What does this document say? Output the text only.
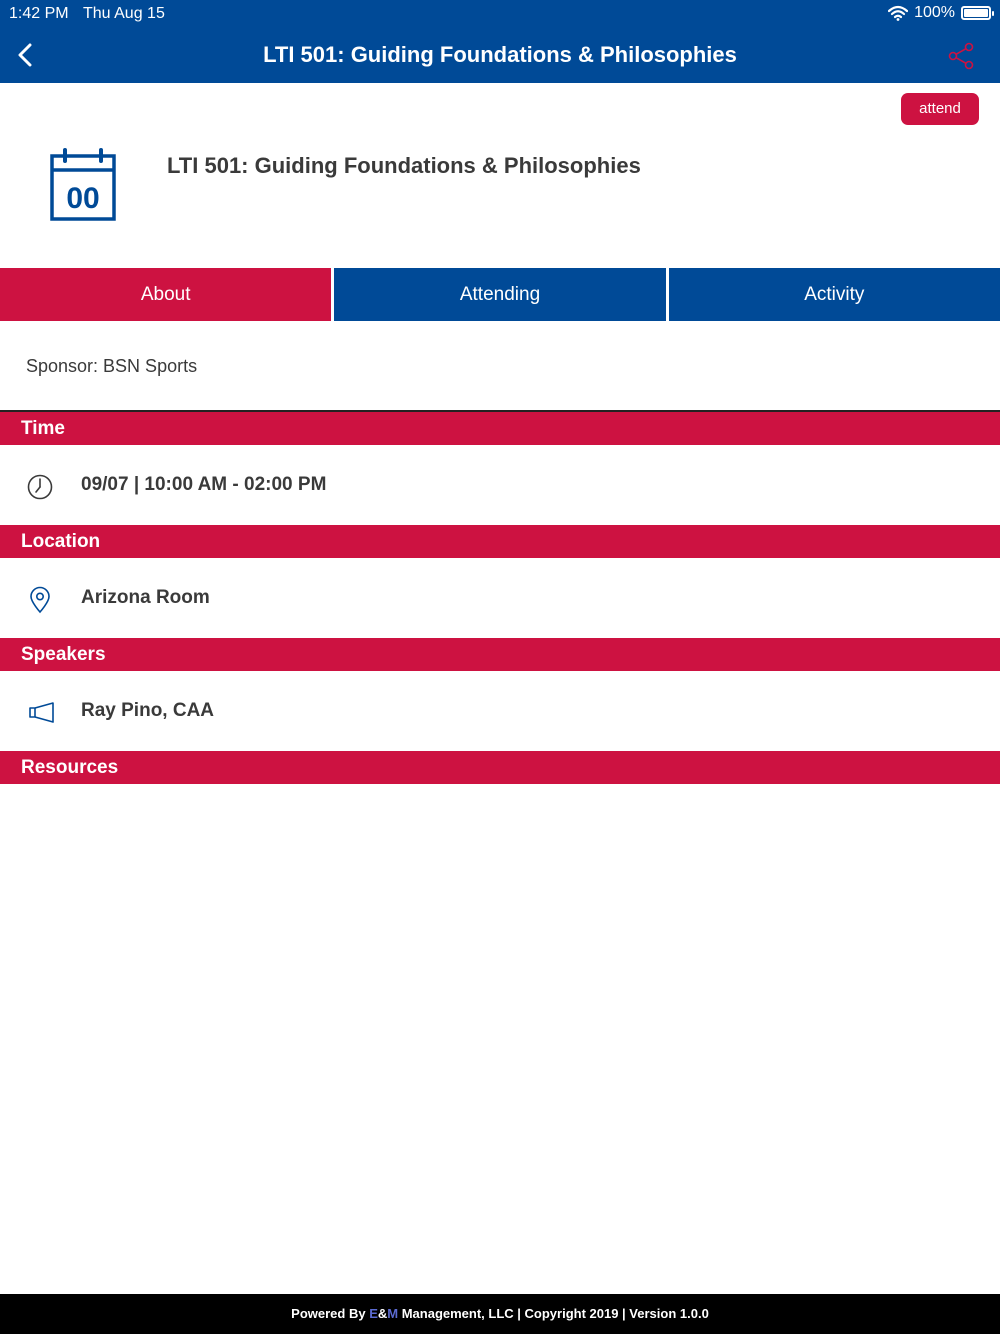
1:42 PM Thu Aug 15	100%
LTI 501: Guiding Foundations & Philosophies
attend
00
LTI 501: Guiding Foundations & Philosophies
About	Attending	Activity
Sponsor: BSN Sports
Time
09/07 | 10:00 AM - 02:00 PM
Location
Arizona Room
Speakers
Ray Pino, CAA
Resources
Powered By E&M Management, LLC | Copyright 2019 | Version 1.0.0
